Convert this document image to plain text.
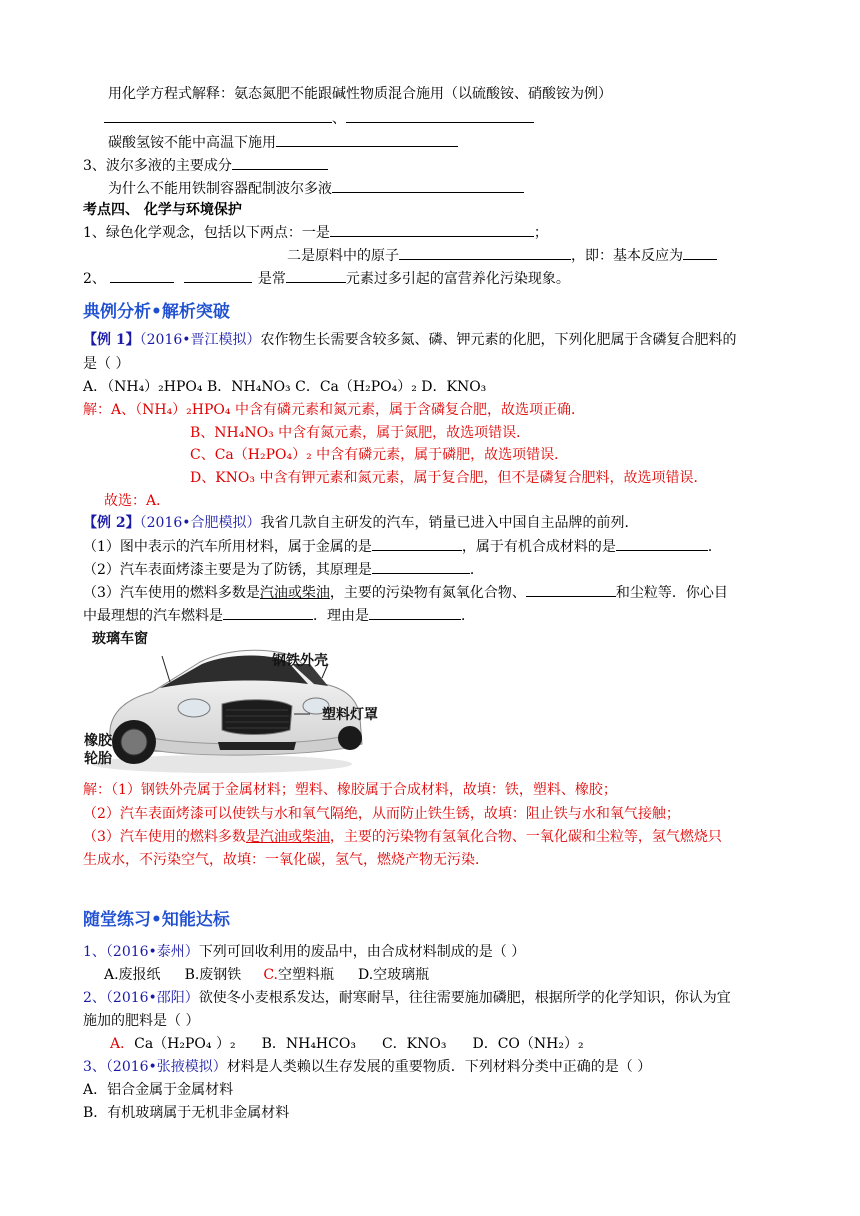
用化学方程式解释：氨态氮肥不能跟碱性物质混合施用（以硫酸铵、硝酸铵为例）
、
碳酸氢铵不能中高温下施用
3、波尔多液的主要成分
为什么不能用铁制容器配制波尔多液
考点四、 化学与环境保护
1、绿色化学观念，包括以下两点：一是	；
二是原料中的原子	，即：基本反应为
2、	是常	元素过多引起的富营养化污染现象。
典例分析•解析突破
【例 1】（2016•晋江模拟）农作物生长需要含较多氮、磷、钾元素的化肥，下列化肥属于含磷复合肥料的
是（ ）
A．（NH₄）₂HPO₄ B．NH₄NO₃ C．Ca（H₂PO₄）₂ D．KNO₃
解：A、（NH₄）₂HPO₄ 中含有磷元素和氮元素，属于含磷复合肥，故选项正确．
B、NH₄NO₃ 中含有氮元素，属于氮肥，故选项错误．
C、Ca（H₂PO₄）₂ 中含有磷元素，属于磷肥，故选项错误．
D、KNO₃ 中含有钾元素和氮元素，属于复合肥，但不是磷复合肥料，故选项错误．
故选：A．
【例 2】（2016•合肥模拟）我省几款自主研发的汽车，销量已进入中国自主品牌的前列．
（1）图中表示的汽车所用材料，属于金属的是	，属于有机合成材料的是	．
（2）汽车表面烤漆主要是为了防锈，其原理是	．
（3）汽车使用的燃料多数是汽油或柴油，主要的污染物有氮氧化合物、	和尘粒等．你心目
中最理想的汽车燃料是	．理由是	．
玻璃车窗
钢铁外壳
塑料灯罩
橡胶
轮胎
解：（1）钢铁外壳属于金属材料；塑料、橡胶属于合成材料，故填：铁，塑料、橡胶；
（2）汽车表面烤漆可以使铁与水和氧气隔绝，从而防止铁生锈，故填：阻止铁与水和氧气接触；
（3）汽车使用的燃料多数是汽油或柴油，主要的污染物有氢氧化合物、一氧化碳和尘粒等，氢气燃烧只
生成水，不污染空气，故填：一氧化碳，氢气，燃烧产物无污染．
随堂练习•知能达标
1、（2016•泰州）下列可回收利用的废品中，由合成材料制成的是（ ）
A.废报纸 B.废钢铁 C.空塑料瓶 D.空玻璃瓶
2、（2016•邵阳）欲使冬小麦根系发达，耐寒耐旱，往往需要施加磷肥，根据所学的化学知识，你认为宜
施加的肥料是（ ）
A．Ca（H₂PO₄ ）₂ B．NH₄HCO₃ C．KNO₃ D．CO（NH₂）₂
3、（2016•张掖模拟）材料是人类赖以生存发展的重要物质．下列材料分类中正确的是（ ）
A．铝合金属于金属材料
B．有机玻璃属于无机非金属材料
